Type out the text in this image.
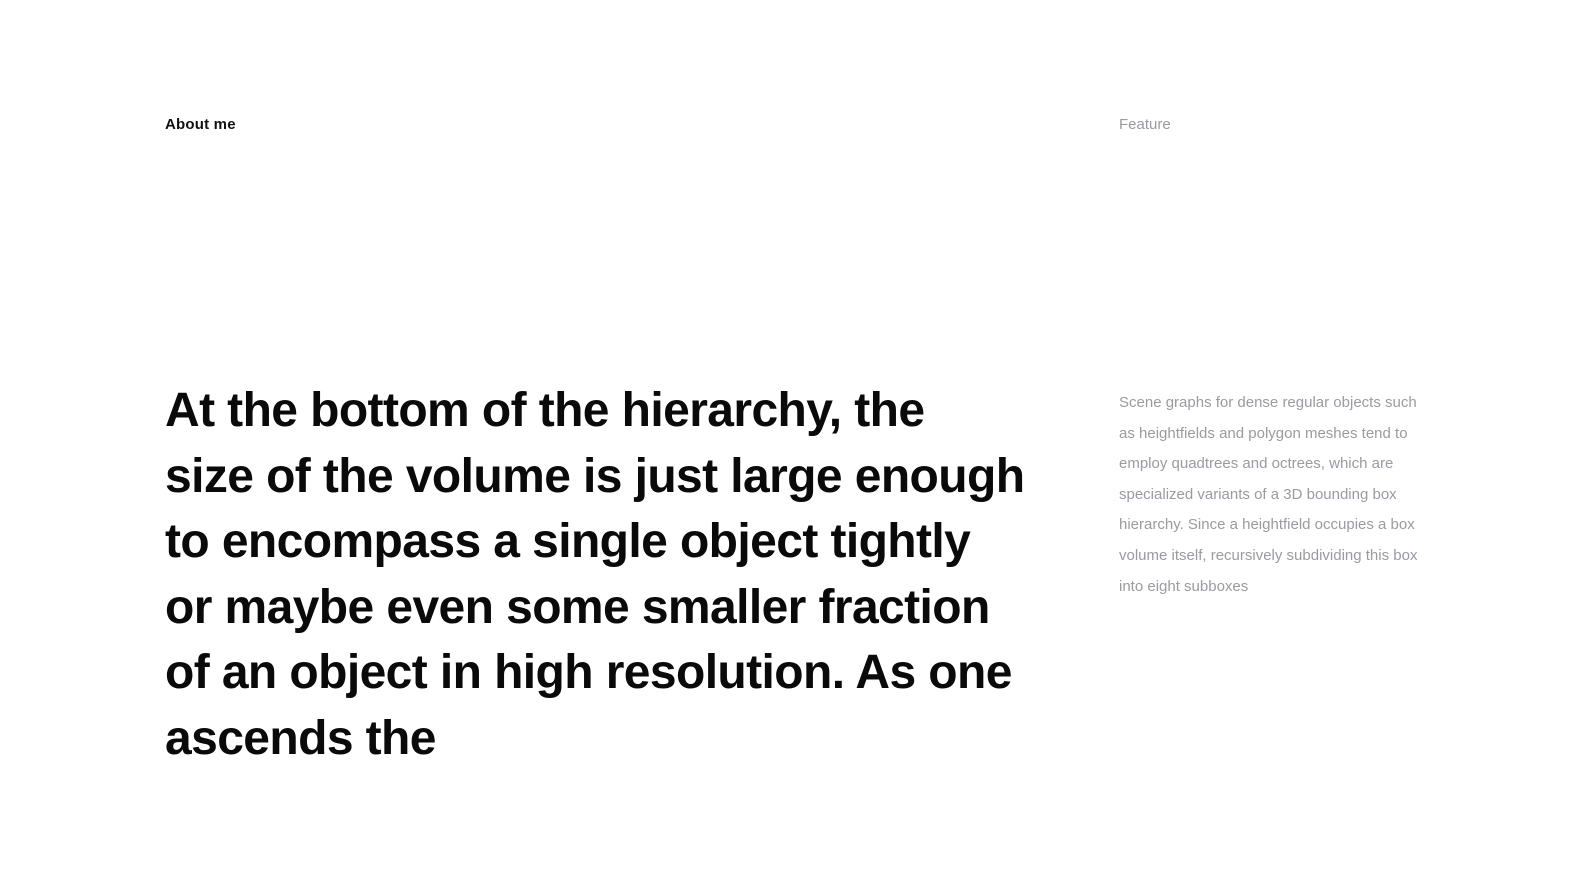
About me	Feature

At the bottom of the hierarchy, the size of the volume is just large enough to encompass a single object tightly or maybe even some smaller fraction of an object in high resolution. As one ascends the

Scene graphs for dense regular objects such as heightfields and polygon meshes tend to employ quadtrees and octrees, which are specialized variants of a 3D bounding box hierarchy. Since a heightfield occupies a box volume itself, recursively subdividing this box into eight subboxes
